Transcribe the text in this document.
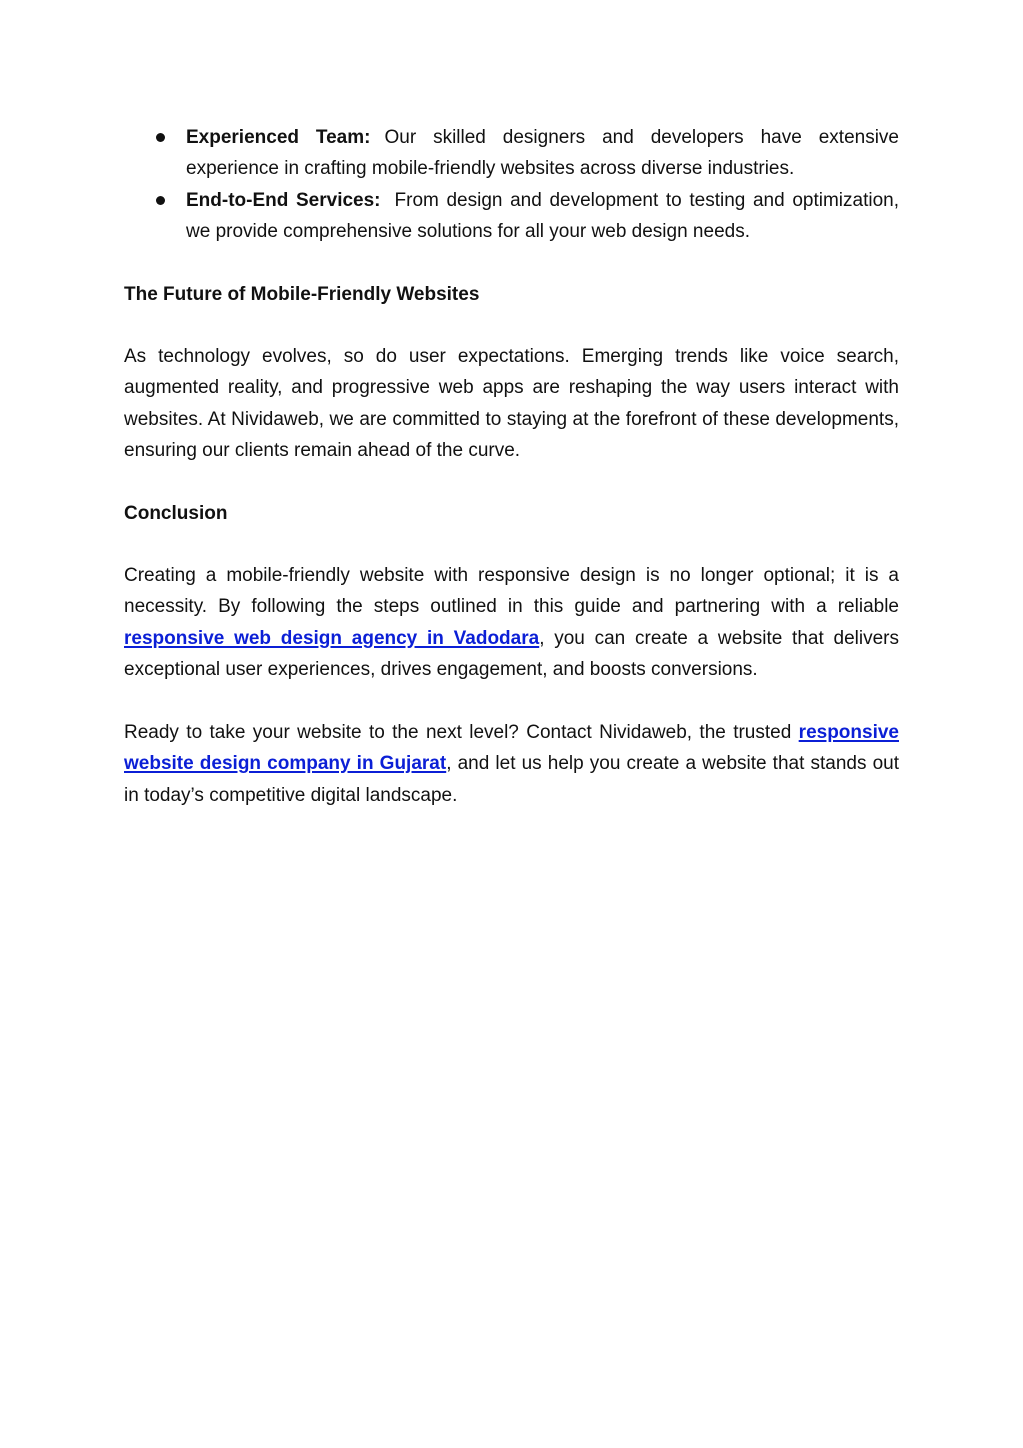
Experienced Team: Our skilled designers and developers have extensive experience in crafting mobile-friendly websites across diverse industries.
End-to-End Services: From design and development to testing and optimization, we provide comprehensive solutions for all your web design needs.
The Future of Mobile-Friendly Websites

As technology evolves, so do user expectations. Emerging trends like voice search, augmented reality, and progressive web apps are reshaping the way users interact with websites. At Nividaweb, we are committed to staying at the forefront of these developments, ensuring our clients remain ahead of the curve.

Conclusion

Creating a mobile-friendly website with responsive design is no longer optional; it is a necessity. By following the steps outlined in this guide and partnering with a reliable responsive web design agency in Vadodara, you can create a website that delivers exceptional user experiences, drives engagement, and boosts conversions.

Ready to take your website to the next level? Contact Nividaweb, the trusted responsive website design company in Gujarat, and let us help you create a website that stands out in today’s competitive digital landscape.
